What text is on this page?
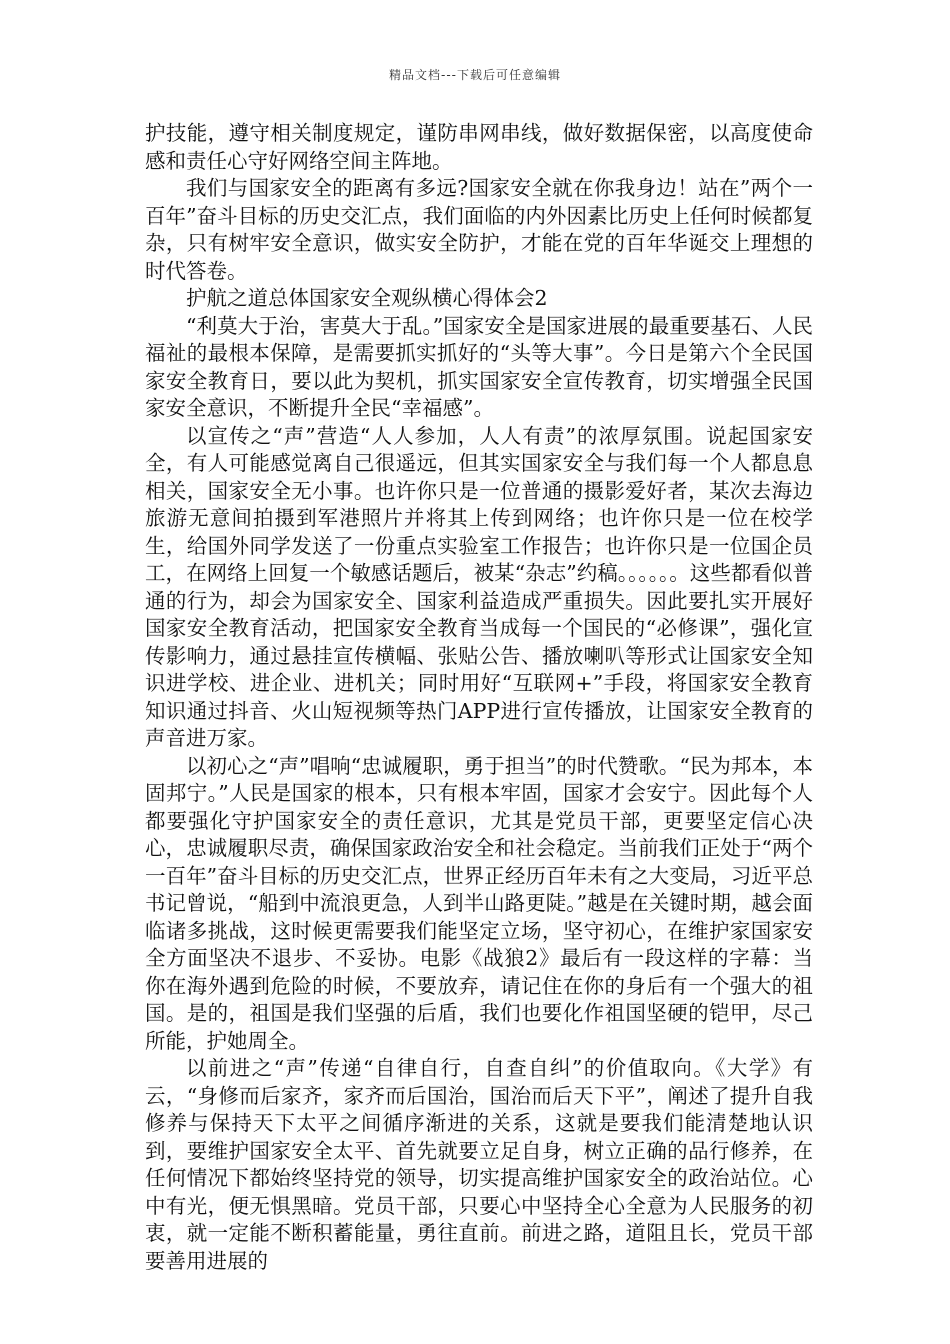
精品文档---下载后可任意编辑

护技能，遵守相关制度规定，谨防串网串线，做好数据保密，以高度使命感和责任心守好网络空间主阵地。

我们与国家安全的距离有多远?国家安全就在你我身边！站在”两个一百年”奋斗目标的历史交汇点，我们面临的内外因素比历史上任何时候都复杂，只有树牢安全意识，做实安全防护，才能在党的百年华诞交上理想的时代答卷。

护航之道总体国家安全观纵横心得体会2

“利莫大于治，害莫大于乱。”国家安全是国家进展的最重要基石、人民福祉的最根本保障，是需要抓实抓好的“头等大事”。今日是第六个全民国家安全教育日，要以此为契机，抓实国家安全宣传教育，切实增强全民国家安全意识，不断提升全民“幸福感”。

以宣传之“声”营造“人人参加，人人有责”的浓厚氛围。说起国家安全，有人可能感觉离自己很遥远，但其实国家安全与我们每一个人都息息相关，国家安全无小事。也许你只是一位普通的摄影爱好者，某次去海边旅游无意间拍摄到军港照片并将其上传到网络；也许你只是一位在校学生，给国外同学发送了一份重点实验室工作报告；也许你只是一位国企员工，在网络上回复一个敏感话题后，被某“杂志”约稿。。。。。。这些都看似普通的行为，却会为国家安全、国家利益造成严重损失。因此要扎实开展好国家安全教育活动，把国家安全教育当成每一个国民的“必修课”，强化宣传影响力，通过悬挂宣传横幅、张贴公告、播放喇叭等形式让国家安全知识进学校、进企业、进机关；同时用好“互联网+”手段，将国家安全教育知识通过抖音、火山短视频等热门APP进行宣传播放，让国家安全教育的声音进万家。

以初心之“声”唱响“忠诚履职，勇于担当”的时代赞歌。“民为邦本，本固邦宁。”人民是国家的根本，只有根本牢固，国家才会安宁。因此每个人都要强化守护国家安全的责任意识，尤其是党员干部，更要坚定信心决心，忠诚履职尽责，确保国家政治安全和社会稳定。当前我们正处于“两个一百年”奋斗目标的历史交汇点，世界正经历百年未有之大变局，习近平总书记曾说，“船到中流浪更急，人到半山路更陡。”越是在关键时期，越会面临诸多挑战，这时候更需要我们能坚定立场，坚守初心，在维护家国家安全方面坚决不退步、不妥协。电影《战狼2》最后有一段这样的字幕：当你在海外遇到危险的时候，不要放弃，请记住在你的身后有一个强大的祖国。是的，祖国是我们坚强的后盾，我们也要化作祖国坚硬的铠甲，尽己所能，护她周全。

以前进之“声”传递“自律自行，自查自纠”的价值取向。《大学》有云，“身修而后家齐，家齐而后国治，国治而后天下平”，阐述了提升自我修养与保持天下太平之间循序渐进的关系，这就是要我们能清楚地认识到，要维护国家安全太平、首先就要立足自身，树立正确的品行修养，在任何情况下都始终坚持党的领导，切实提高维护国家安全的政治站位。心中有光，便无惧黑暗。党员干部，只要心中坚持全心全意为人民服务的初衷，就一定能不断积蓄能量，勇往直前。前进之路，道阻且长，党员干部要善用进展的
